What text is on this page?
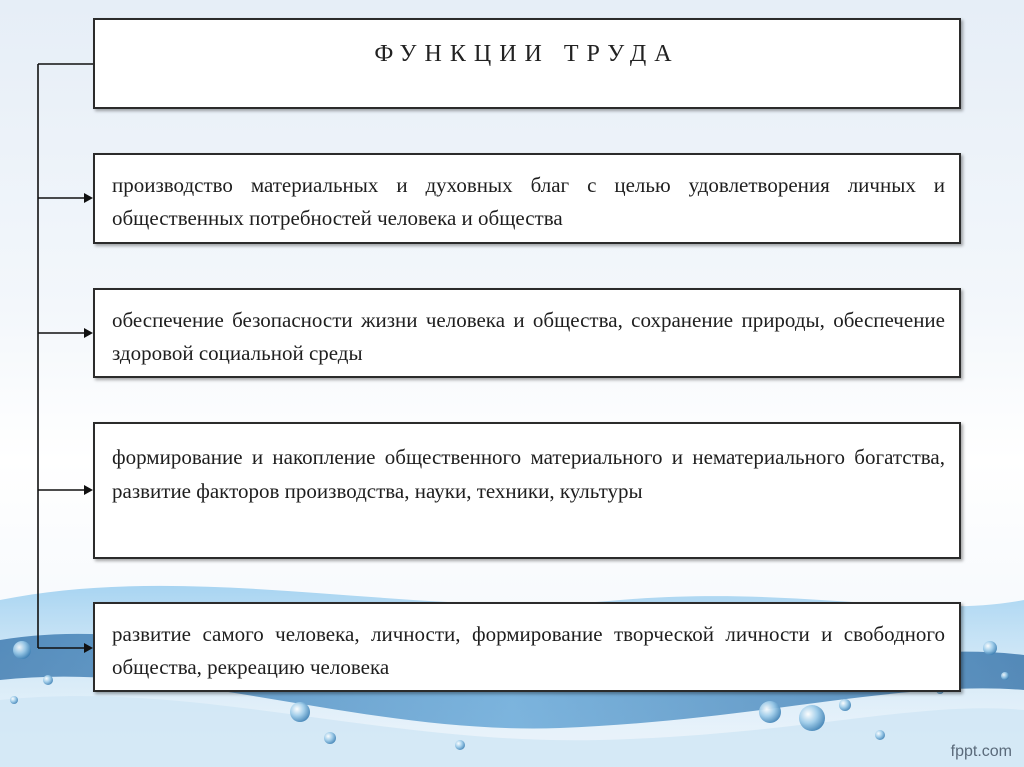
ФУНКЦИИ ТРУДА
производство материальных и духовных благ с целью удовлетворения личных и общественных потребностей человека и общества
обеспечение безопасности жизни человека и общества, сохранение природы, обеспечение здоровой социальной среды
формирование и накопление общественного материального и нематериального богатства, развитие факторов производства, науки, техники, культуры
развитие самого человека, личности, формирование творческой личности и свободного общества, рекреацию человека
fppt.com
